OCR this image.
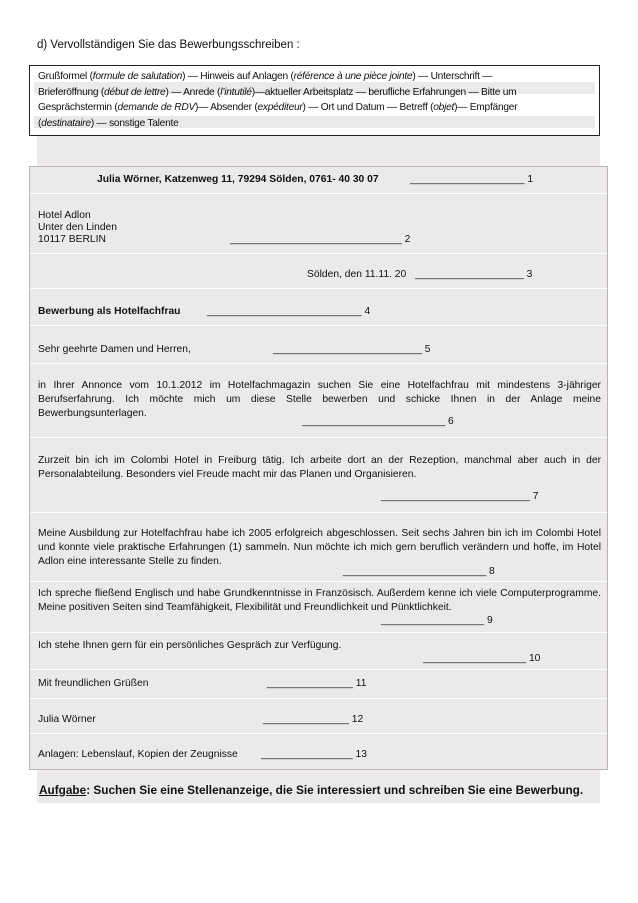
d) Vervollständigen Sie das Bewerbungsschreiben :
Grußformel (formule de salutation) — Hinweis auf Anlagen (référence à une pièce jointe) — Unterschrift —
Brieferöffnung (début de lettre) — Anrede (l’intutilé)—aktueller Arbeitsplatz — berufliche Erfahrungen — Bitte um
Gesprächstermin (demande de RDV)— Absender (expéditeur) — Ort und Datum — Betreff (objet)— Empfänger
(destinataire) — sonstige Talente
Julia Wörner, Katzenweg 11, 79294 Sölden, 0761- 40 30 07	____________________ 1
Hotel Adlon
Unter den Linden
10117 BERLIN	______________________________ 2
Sölden, den 11.11. 20 ___________________ 3
Bewerbung als Hotelfachfrau	___________________________ 4
Sehr geehrte Damen und Herren,	__________________________ 5
in Ihrer Annonce vom 10.1.2012 im Hotelfachmagazin suchen Sie eine Hotelfachfrau mit mindestens 3-jähriger Berufserfahrung. Ich möchte mich um diese Stelle bewerben und schicke Ihnen in der Anlage meine Bewerbungsunterlagen.
_________________________ 6
Zurzeit bin ich im Colombi Hotel in Freiburg tätig. Ich arbeite dort an der Rezeption, manchmal aber auch in der Personalabteilung. Besonders viel Freude macht mir das Planen und Organisieren.
__________________________ 7
Meine Ausbildung zur Hotelfachfrau habe ich 2005 erfolgreich abgeschlossen. Seit sechs Jahren bin ich im Colombi Hotel und konnte viele praktische Erfahrungen (1) sammeln. Nun möchte ich mich gern beruflich verändern und hoffe, im Hotel Adlon eine interessante Stelle zu finden.
_________________________ 8
Ich spreche fließend Englisch und habe Grundkenntnisse in Französisch. Außerdem kenne ich viele Computerprogramme. Meine positiven Seiten sind Teamfähigkeit, Flexibilität und Freundlichkeit und Pünktlichkeit.
__________________ 9
Ich stehe Ihnen gern für ein persönliches Gespräch zur Verfügung.
__________________ 10
Mit freundlichen Grüßen	_______________ 11
Julia Wörner	_______________ 12
Anlagen: Lebenslauf, Kopien der Zeugnisse ________________ 13
Aufgabe: Suchen Sie eine Stellenanzeige, die Sie interessiert und schreiben Sie eine Bewerbung.
